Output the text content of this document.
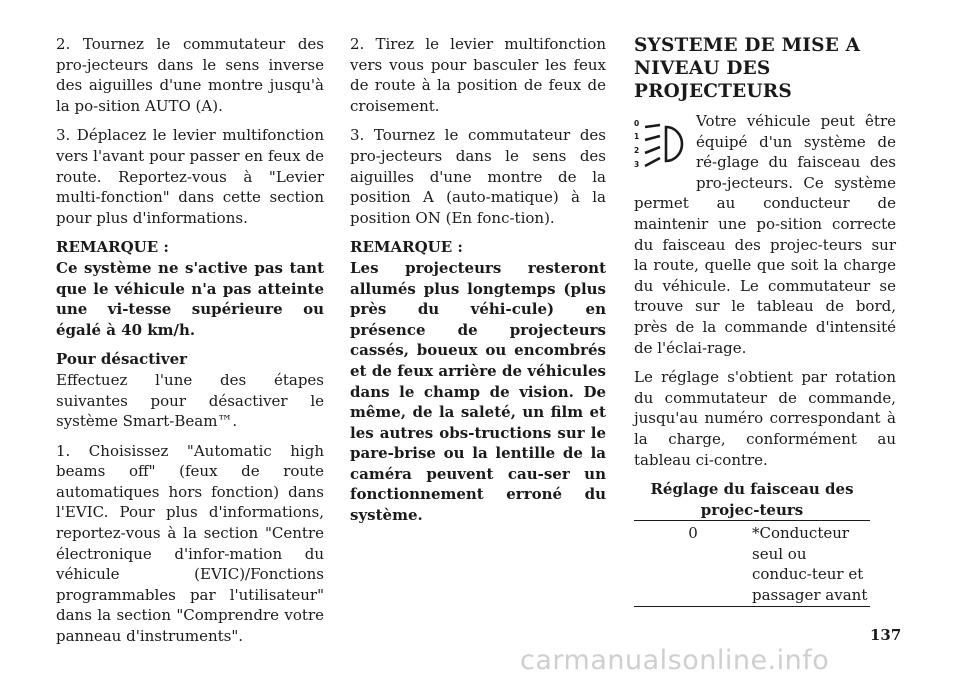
2. Tournez le commutateur des pro-jecteurs dans le sens inverse des aiguilles d'une montre jusqu'à la po-sition AUTO (A).

3. Déplacez le levier multifonction vers l'avant pour passer en feux de route. Reportez-vous à "Levier multi-fonction" dans cette section pour plus d'informations.

REMARQUE :

Ce système ne s'active pas tant que le véhicule n'a pas atteinte une vi-tesse supérieure ou égalé à 40 km/h.

Pour désactiver

Effectuez l'une des étapes suivantes pour désactiver le système Smart-Beam™.

1. Choisissez "Automatic high beams off" (feux de route automatiques hors fonction) dans l'EVIC. Pour plus d'informations, reportez-vous à la section "Centre électronique d'infor-mation du véhicule (EVIC)/Fonctions programmables par l'utilisateur" dans la section "Comprendre votre panneau d'instruments".

2. Tirez le levier multifonction vers vous pour basculer les feux de route à la position de feux de croisement.

3. Tournez le commutateur des pro-jecteurs dans le sens des aiguilles d'une montre de la position A (auto-matique) à la position ON (En fonc-tion).

REMARQUE :

Les projecteurs resteront allumés plus longtemps (plus près du véhi-cule) en présence de projecteurs cassés, boueux ou encombrés et de feux arrière de véhicules dans le champ de vision. De même, de la saleté, un film et les autres obs-tructions sur le pare-brise ou la lentille de la caméra peuvent cau-ser un fonctionnement erroné du système.

SYSTEME DE MISE A NIVEAU DES PROJECTEURS

0
1
2
3
Votre véhicule peut être équipé d'un système de ré-glage du faisceau des pro-jecteurs. Ce système permet au conducteur de maintenir une po-sition correcte du faisceau des projec-teurs sur la route, quelle que soit la charge du véhicule. Le commutateur se trouve sur le tableau de bord, près de la commande d'intensité de l'éclai-rage.

Le réglage s'obtient par rotation du commutateur de commande, jusqu'au numéro correspondant à la charge, conformément au tableau ci-contre.

Réglage du faisceau des projec-teurs
0	*Conducteur seul ou conduc-teur et passager avant
137
carmanualsonline.info
